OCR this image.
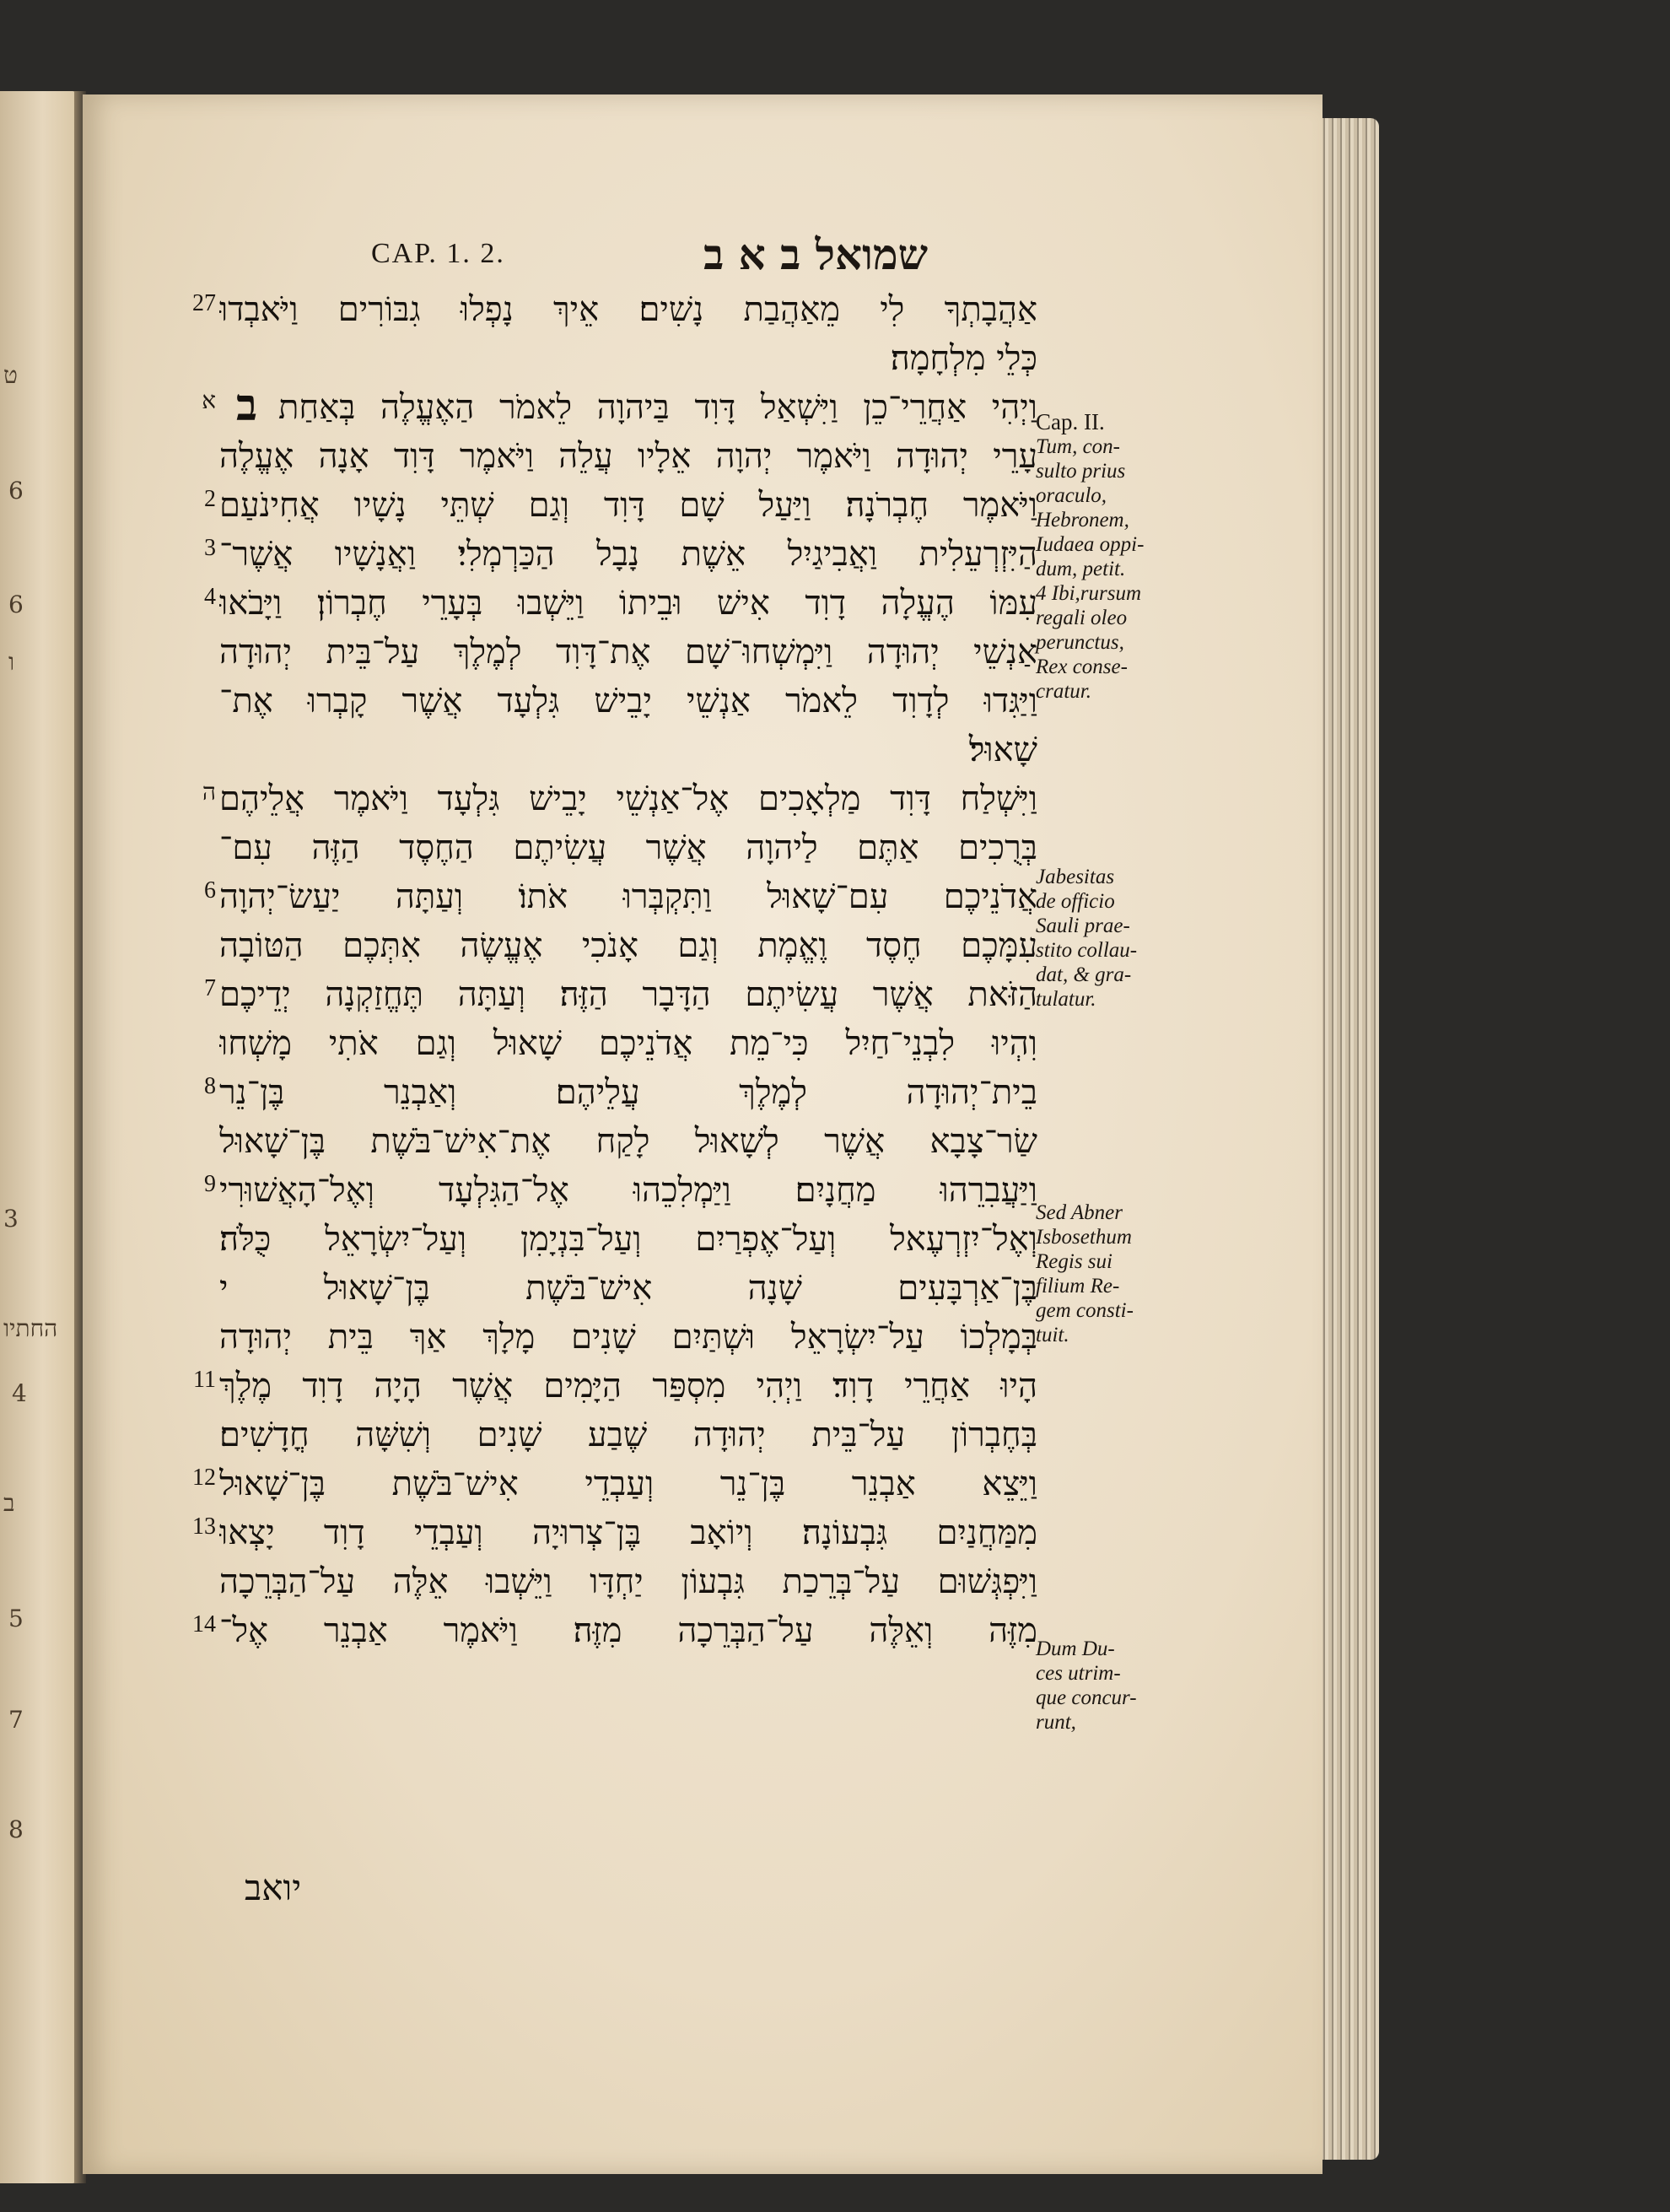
ט
6
6
ו
3
החתיו
4
ב
5
7
8
CAP. 1. 2.	שמואל ב א ב
אַהֲבָתְךָ לִי מֵאַהֲבַת נָשִׁים׃ אֵיךְ נָפְלוּ גִבּוֹרִים וַיֹּאבְדוּ
27
כְּלֵי מִלְחָמָה׃
וַיְהִי אַחֲרֵי־כֵן וַיִּשְׁאַל דָּוִד בַּיהוָה לֵאמֹר הַאֶעֱלֶה בְּאַחַת
א ב
עָרֵי יְהוּדָה וַיֹּאמֶר יְהוָה אֵלָיו עֲלֵה וַיֹּאמֶר דָּוִד אָנָה אֶעֱלֶה
וַיֹּאמֶר חֶבְרֹנָה׃ וַיַּעַל שָׁם דָּוִד וְגַם שְׁתֵּי נָשָׁיו אֲחִינֹעַם
2
הַיִּזְרְעֵלִית וַאֲבִיגַיִל אֵשֶׁת נָבָל הַכַּרְמְלִי׃ וַאֲנָשָׁיו אֲשֶׁר־
3
עִמּוֹ הֶעֱלָה דָוִד אִישׁ וּבֵיתוֹ וַיֵּשְׁבוּ בְּעָרֵי חֶבְרוֹן׃ וַיָּבֹאוּ
4
אַנְשֵׁי יְהוּדָה וַיִּמְשְׁחוּ־שָׁם אֶת־דָּוִד לְמֶלֶךְ עַל־בֵּית יְהוּדָה
וַיַּגִּדוּ לְדָוִד לֵאמֹר אַנְשֵׁי יָבֵישׁ גִּלְעָד אֲשֶׁר קָבְרוּ אֶת־
שָׁאוּל׃
וַיִּשְׁלַח דָּוִד מַלְאָכִים אֶל־אַנְשֵׁי יָבֵישׁ גִּלְעָד וַיֹּאמֶר אֲלֵיהֶם
ה
בְּרֻכִים אַתֶּם לַיהוָה אֲשֶׁר עֲשִׂיתֶם הַחֶסֶד הַזֶּה עִם־
אֲדֹנֵיכֶם עִם־שָׁאוּל וַתִּקְבְּרוּ אֹתוֹ׃ וְעַתָּה יַעַשׂ־יְהוָה
6
עִמָּכֶם חֶסֶד וֶאֱמֶת וְגַם אָנֹכִי אֶעֱשֶׂה אִתְּכֶם הַטּוֹבָה
הַזֹּאת אֲשֶׁר עֲשִׂיתֶם הַדָּבָר הַזֶּה׃ וְעַתָּה תֶּחֱזַקְנָה יְדֵיכֶם
7
וִהְיוּ לִבְנֵי־חַיִל כִּי־מֵת אֲדֹנֵיכֶם שָׁאוּל וְגַם אֹתִי מָשְׁחוּ
בֵית־יְהוּדָה לְמֶלֶךְ עֲלֵיהֶם׃ וְאַבְנֵר בֶּן־נֵר
8
שַׂר־צָבָא אֲשֶׁר לְשָׁאוּל לָקַח אֶת־אִישׁ־בֹּשֶׁת בֶּן־שָׁאוּל
וַיַּעֲבִרֵהוּ מַחֲנָיִם׃ וַיַּמְלִכֵהוּ אֶל־הַגִּלְעָד וְאֶל־הָאֲשׁוּרִי
9
וְאֶל־יִזְרְעֶאל וְעַל־אֶפְרַיִם וְעַל־בִּנְיָמִן וְעַל־יִשְׂרָאֵל כֻּלֹּה׃
בֶּן־אַרְבָּעִים שָׁנָה אִישׁ־בֹּשֶׁת בֶּן־שָׁאוּל י
בְּמָלְכוֹ עַל־יִשְׂרָאֵל וּשְׁתַּיִם שָׁנִים מָלָךְ אַךְ בֵּית יְהוּדָה
הָיוּ אַחֲרֵי דָוִד׃ וַיְהִי מִסְפַּר הַיָּמִים אֲשֶׁר הָיָה דָוִד מֶלֶךְ
11
בְּחֶבְרוֹן עַל־בֵּית יְהוּדָה שֶׁבַע שָׁנִים וְשִׁשָּׁה חֳדָשִׁים׃
וַיֵּצֵא אַבְנֵר בֶּן־נֵר וְעַבְדֵי אִישׁ־בֹּשֶׁת בֶּן־שָׁאוּל
12
מִמַּחֲנַיִם גִּבְעוֹנָה׃ וְיוֹאָב בֶּן־צְרוּיָה וְעַבְדֵי דָוִד יָצְאוּ
13
וַיִּפְגְּשׁוּם עַל־בְּרֵכַת גִּבְעוֹן יַחְדָּו וַיֵּשְׁבוּ אֵלֶּה עַל־הַבְּרֵכָה
מִזֶּה וְאֵלֶּה עַל־הַבְּרֵכָה מִזֶּה׃ וַיֹּאמֶר אַבְנֵר אֶל־
14
יואב
Cap. II.
Tum, con-
sulto prius
oraculo,
Hebronem,
Iudaea oppi-
dum, petit.
4 Ibi,rursum
regali oleo
perunctus,
Rex conse-
cratur.
Jabesitas
de officio
Sauli prae-
stito collau-
dat, & gra-
tulatur.
Sed Abner
Isbosethum
Regis sui
filium Re-
gem consti-
tuit.
Dum Du-
ces utrim-
que concur-
runt,
